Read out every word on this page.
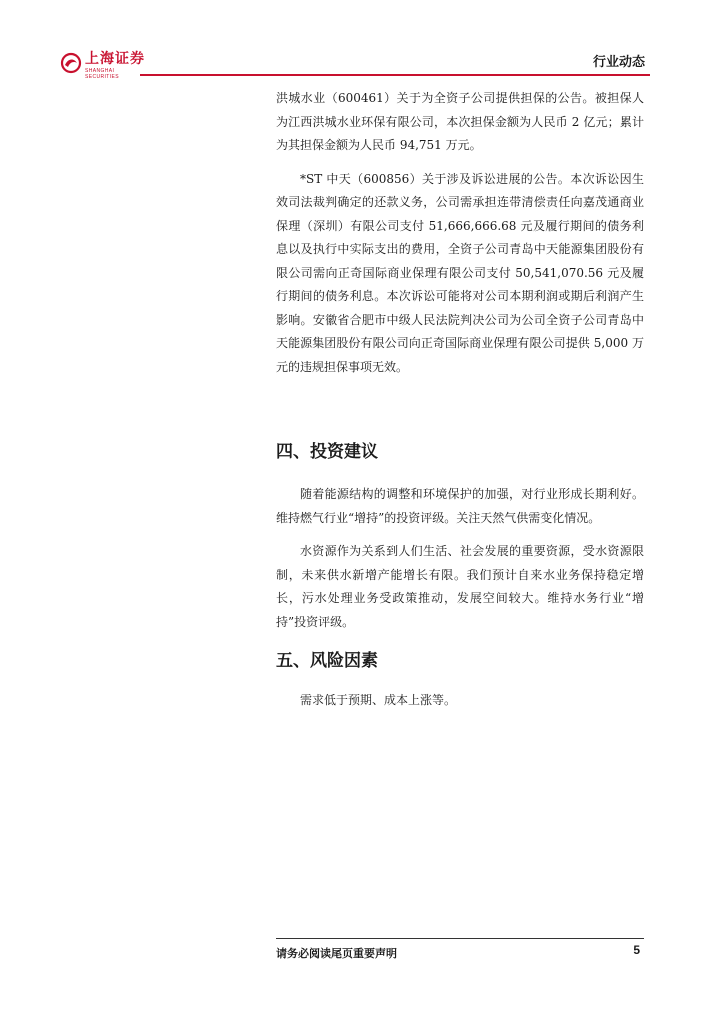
上海证券
SHANGHAI SECURITIES
行业动态

洪城水业（600461）关于为全资子公司提供担保的公告。被担保人为江西洪城水业环保有限公司，本次担保金额为人民币 2 亿元；累计为其担保金额为人民币 94,751 万元。

*ST 中天（600856）关于涉及诉讼进展的公告。本次诉讼因生效司法裁判确定的还款义务，公司需承担连带清偿责任向嘉茂通商业保理（深圳）有限公司支付 51,666,666.68 元及履行期间的债务利息以及执行中实际支出的费用，全资子公司青岛中天能源集团股份有限公司需向正奇国际商业保理有限公司支付 50,541,070.56 元及履行期间的债务利息。本次诉讼可能将对公司本期利润或期后利润产生影响。安徽省合肥市中级人民法院判决公司为公司全资子公司青岛中天能源集团股份有限公司向正奇国际商业保理有限公司提供 5,000 万元的违规担保事项无效。

四、投资建议

随着能源结构的调整和环境保护的加强，对行业形成长期利好。维持燃气行业“增持”的投资评级。关注天然气供需变化情况。

水资源作为关系到人们生活、社会发展的重要资源，受水资源限制，未来供水新增产能增长有限。我们预计自来水业务保持稳定增长，污水处理业务受政策推动，发展空间较大。维持水务行业“增持”投资评级。

五、风险因素

需求低于预期、成本上涨等。

请务必阅读尾页重要声明	5
